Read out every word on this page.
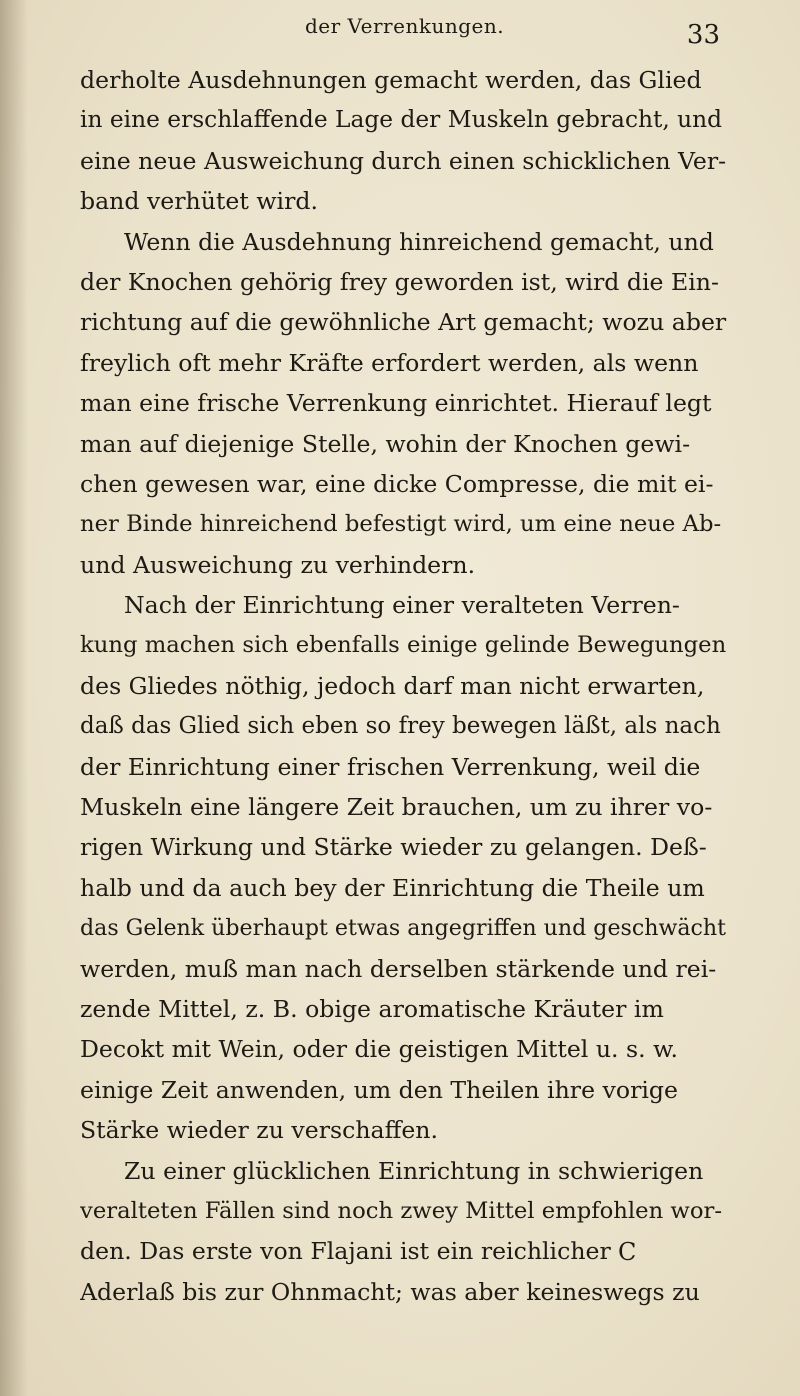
der Verrenkungen.	33
derholte Ausdehnungen gemacht werden, das Glied
in eine erschlaffende Lage der Muskeln gebracht, und
eine neue Ausweichung durch einen schicklichen Ver-
band verhütet wird.
Wenn die Ausdehnung hinreichend gemacht, und
der Knochen gehörig frey geworden ist, wird die Ein-
richtung auf die gewöhnliche Art gemacht; wozu aber
freylich oft mehr Kräfte erfordert werden, als wenn
man eine frische Verrenkung einrichtet. Hierauf legt
man auf diejenige Stelle, wohin der Knochen gewi-
chen gewesen war, eine dicke Compresse, die mit ei-
ner Binde hinreichend befestigt wird, um eine neue Ab-
und Ausweichung zu verhindern.
Nach der Einrichtung einer veralteten Verren-
kung machen sich ebenfalls einige gelinde Bewegungen
des Gliedes nöthig, jedoch darf man nicht erwarten,
daß das Glied sich eben so frey bewegen läßt, als nach
der Einrichtung einer frischen Verrenkung, weil die
Muskeln eine längere Zeit brauchen, um zu ihrer vo-
rigen Wirkung und Stärke wieder zu gelangen. Deß-
halb und da auch bey der Einrichtung die Theile um
das Gelenk überhaupt etwas angegriffen und geschwächt
werden, muß man nach derselben stärkende und rei-
zende Mittel, z. B. obige aromatische Kräuter im
Decokt mit Wein, oder die geistigen Mittel u. s. w.
einige Zeit anwenden, um den Theilen ihre vorige
Stärke wieder zu verschaffen.
Zu einer glücklichen Einrichtung in schwierigen
veralteten Fällen sind noch zwey Mittel empfohlen wor-
den. Das erste von Flajani ist ein reichlicher
Aderlaß bis zur Ohnmacht; was aber keineswegs zu
C
